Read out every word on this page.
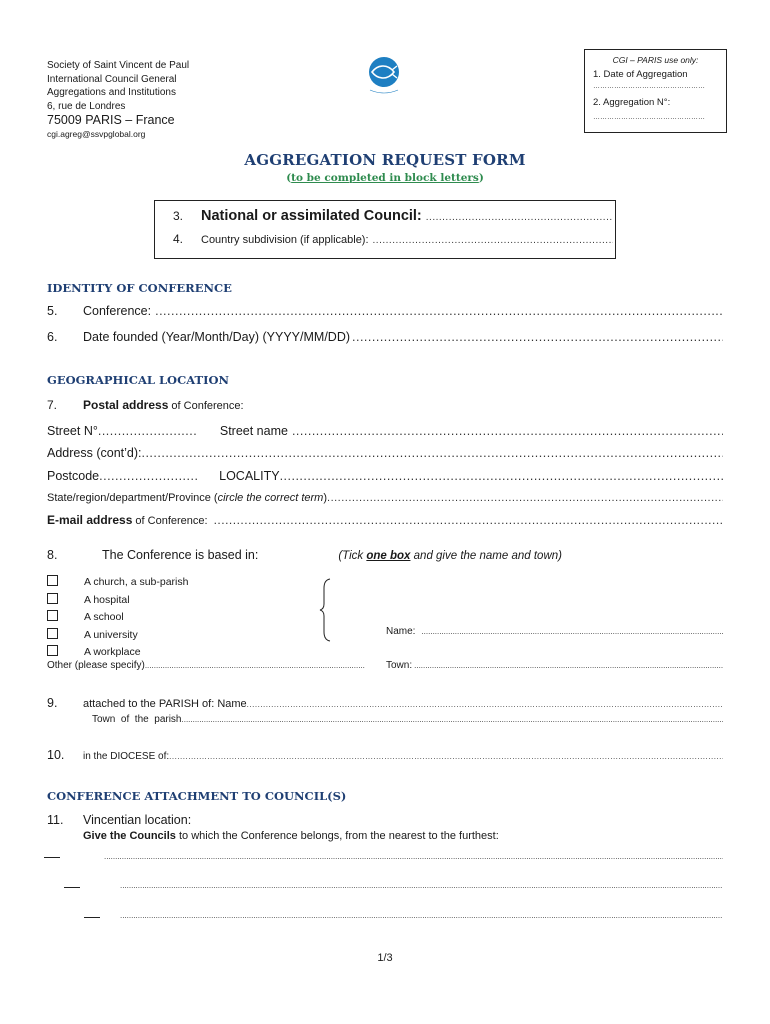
Society of Saint Vincent de Paul
International Council General
Aggregations and Institutions
6, rue de Londres
75009 PARIS – France
cgi.agreg@ssvpglobal.org
CGI – PARIS use only:
1. Date of Aggregation
…………………………………………
2. Aggregation N°:
…………………………………………
AGGREGATION REQUEST FORM
(to be completed in block letters)
3.	National or assimilated Council:
.....
4.	Country subdivision (if applicable):
.....
IDENTITY OF CONFERENCE
5.	Conference:
.....
6.	Date founded (Year/Month/Day) (YYYY/MM/DD)
.....
GEOGRAPHICAL LOCATION
7.	Postal address of Conference:
Street N° .....	Street name
.....
Address (cont’d):
.....
Postcode .....	LOCALITY
.....
State/region/department/Province ( circle the correct term )
.....
E-mail address of Conference:
.....
8.	The Conference is based in:	(Tick one box and give the name and town)
A church, a sub-parish
A hospital
A school
A university
A workplace
Other (please specify)
.....
Name:
.....
Town:
.....
9.	attached to the PARISH of: Name
.....
Town  of  the  parish
.....
10.	in the DIOCESE of:
.....
CONFERENCE ATTACHMENT TO COUNCIL(S)
11.	Vincentian location:
Give the Councils to which the Conference belongs, from the nearest to the furthest:
.....
.....
.....
1/3
